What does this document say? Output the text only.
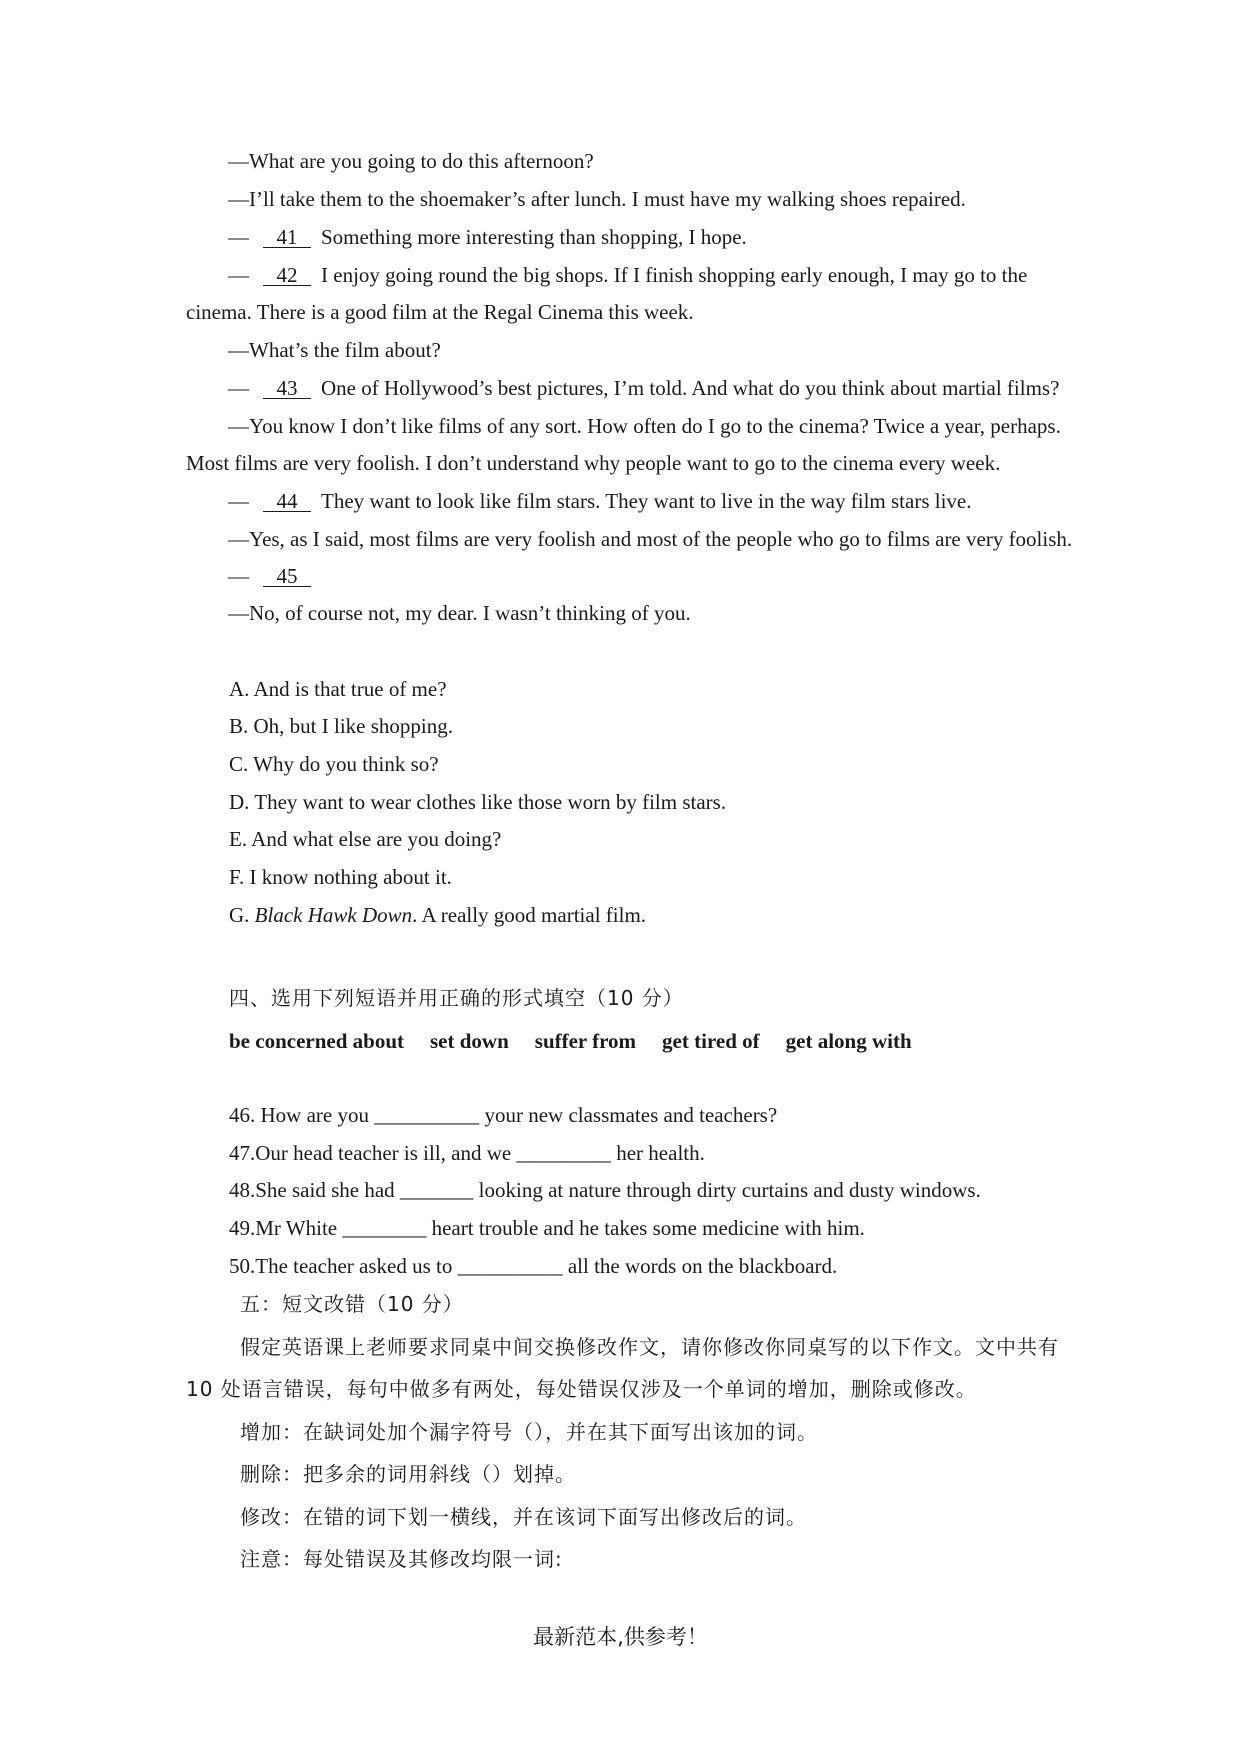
—What are you going to do this afternoon?
—I’ll take them to the shoemaker’s after lunch. I must have my walking shoes repaired.
— 41 Something more interesting than shopping, I hope.
— 42 I enjoy going round the big shops. If I finish shopping early enough, I may go to the
cinema. There is a good film at the Regal Cinema this week.
—What’s the film about?
— 43 One of Hollywood’s best pictures, I’m told. And what do you think about martial films?
—You know I don’t like films of any sort. How often do I go to the cinema? Twice a year, perhaps.
Most films are very foolish. I don’t understand why people want to go to the cinema every week.
— 44 They want to look like film stars. They want to live in the way film stars live.
—Yes, as I said, most films are very foolish and most of the people who go to films are very foolish.
— 45
—No, of course not, my dear. I wasn’t thinking of you.
A. And is that true of me?
B. Oh, but I like shopping.
C. Why do you think so?
D. They want to wear clothes like those worn by film stars.
E. And what else are you doing?
F. I know nothing about it.
G. Black Hawk Down. A really good martial film.
四、选用下列短语并用正确的形式填空（10 分）
be concerned about set down suffer from get tired of get along with
46. How are you __________ your new classmates and teachers?
47.Our head teacher is ill, and we _________ her health.
48.She said she had _______ looking at nature through dirty curtains and dusty windows.
49.Mr White ________ heart trouble and he takes some medicine with him.
50.The teacher asked us to __________ all the words on the blackboard.
五：短文改错（10 分）
假定英语课上老师要求同桌中间交换修改作文，请你修改你同桌写的以下作文。文中共有
10 处语言错误，每句中做多有两处，每处错误仅涉及一个单词的增加，删除或修改。
增加：在缺词处加个漏字符号（），并在其下面写出该加的词。
删除：把多余的词用斜线（）划掉。
修改：在错的词下划一横线，并在该词下面写出修改后的词。
注意：每处错误及其修改均限一词:
最新范本,供参考！
